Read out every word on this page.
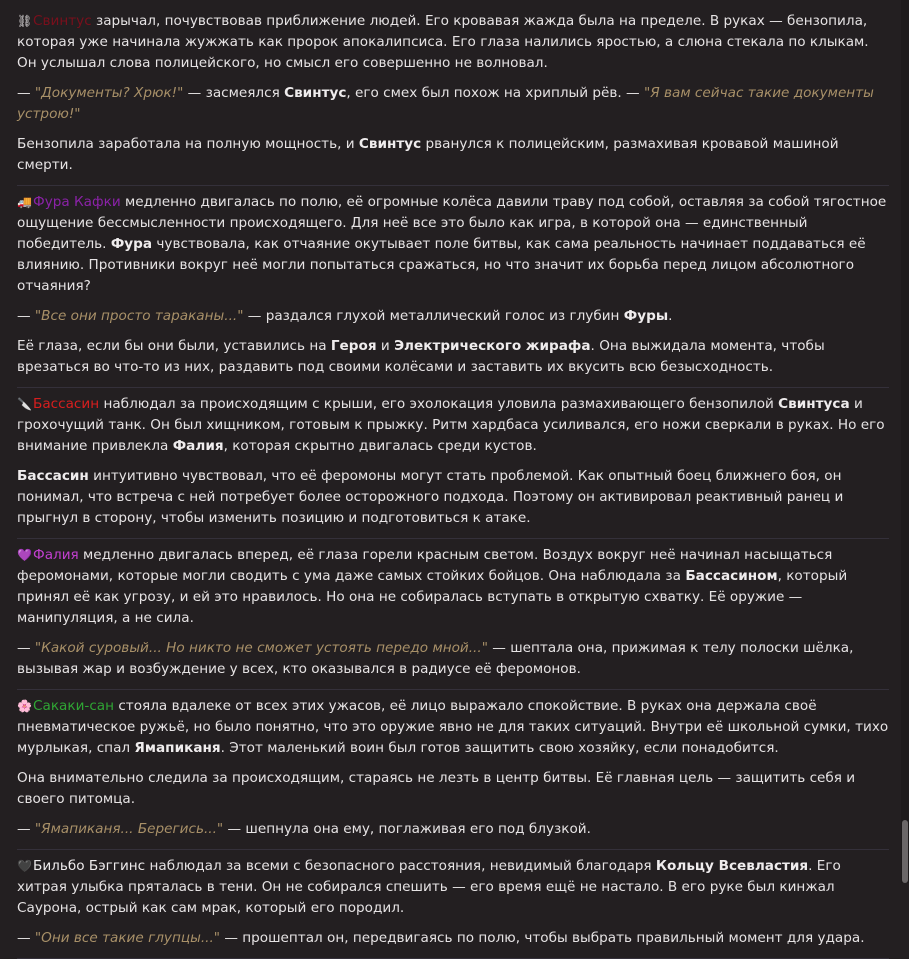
⛓Свинтус зарычал, почувствовав приближение людей. Его кровавая жажда была на пределе. В руках — бензопила, которая уже начинала жужжать как пророк апокалипсиса. Его глаза налились яростью, а слюна стекала по клыкам. Он услышал слова полицейского, но смысл его совершенно не волновал.

— "Документы? Хрюк!" — засмеялся Свинтус, его смех был похож на хриплый рёв. — "Я вам сейчас такие документы устрою!"

Бензопила заработала на полную мощность, и Свинтус рванулся к полицейским, размахивая кровавой машиной смерти.

🚚Фура Кафки медленно двигалась по полю, её огромные колёса давили траву под собой, оставляя за собой тягостное ощущение бессмысленности происходящего. Для неё все это было как игра, в которой она — единственный победитель. Фура чувствовала, как отчаяние окутывает поле битвы, как сама реальность начинает поддаваться её влиянию. Противники вокруг неё могли попытаться сражаться, но что значит их борьба перед лицом абсолютного отчаяния?

— "Все они просто тараканы..." — раздался глухой металлический голос из глубин Фуры.

Её глаза, если бы они были, уставились на Героя и Электрического жирафа. Она выжидала момента, чтобы врезаться во что-то из них, раздавить под своими колёсами и заставить их вкусить всю безысходность.

🔪Бассасин наблюдал за происходящим с крыши, его эхолокация уловила размахивающего бензопилой Свинтуса и грохочущий танк. Он был хищником, готовым к прыжку. Ритм хардбаса усиливался, его ножи сверкали в руках. Но его внимание привлекла Фалия, которая скрытно двигалась среди кустов.

Бассасин интуитивно чувствовал, что её феромоны могут стать проблемой. Как опытный боец ближнего боя, он понимал, что встреча с ней потребует более осторожного подхода. Поэтому он активировал реактивный ранец и прыгнул в сторону, чтобы изменить позицию и подготовиться к атаке.

💜Фалия медленно двигалась вперед, её глаза горели красным светом. Воздух вокруг неё начинал насыщаться феромонами, которые могли сводить с ума даже самых стойких бойцов. Она наблюдала за Бассасином, который принял её как угрозу, и ей это нравилось. Но она не собиралась вступать в открытую схватку. Её оружие — манипуляция, а не сила.

— "Какой суровый... Но никто не сможет устоять передо мной..." — шептала она, прижимая к телу полоски шёлка, вызывая жар и возбуждение у всех, кто оказывался в радиусе её феромонов.

🌸Сакаки-сан стояла вдалеке от всех этих ужасов, её лицо выражало спокойствие. В руках она держала своё пневматическое ружьё, но было понятно, что это оружие явно не для таких ситуаций. Внутри её школьной сумки, тихо мурлыкая, спал Ямапиканя. Этот маленький воин был готов защитить свою хозяйку, если понадобится.

Она внимательно следила за происходящим, стараясь не лезть в центр битвы. Её главная цель — защитить себя и своего питомца.

— "Ямапиканя... Берегись..." — шепнула она ему, поглаживая его под блузкой.

🖤Бильбо Бэггинс наблюдал за всеми с безопасного расстояния, невидимый благодаря Кольцу Всевластия. Его хитрая улыбка пряталась в тени. Он не собирался спешить — его время ещё не настало. В его руке был кинжал Саурона, острый как сам мрак, который его породил.

— "Они все такие глупцы..." — прошептал он, передвигаясь по полю, чтобы выбрать правильный момент для удара.
